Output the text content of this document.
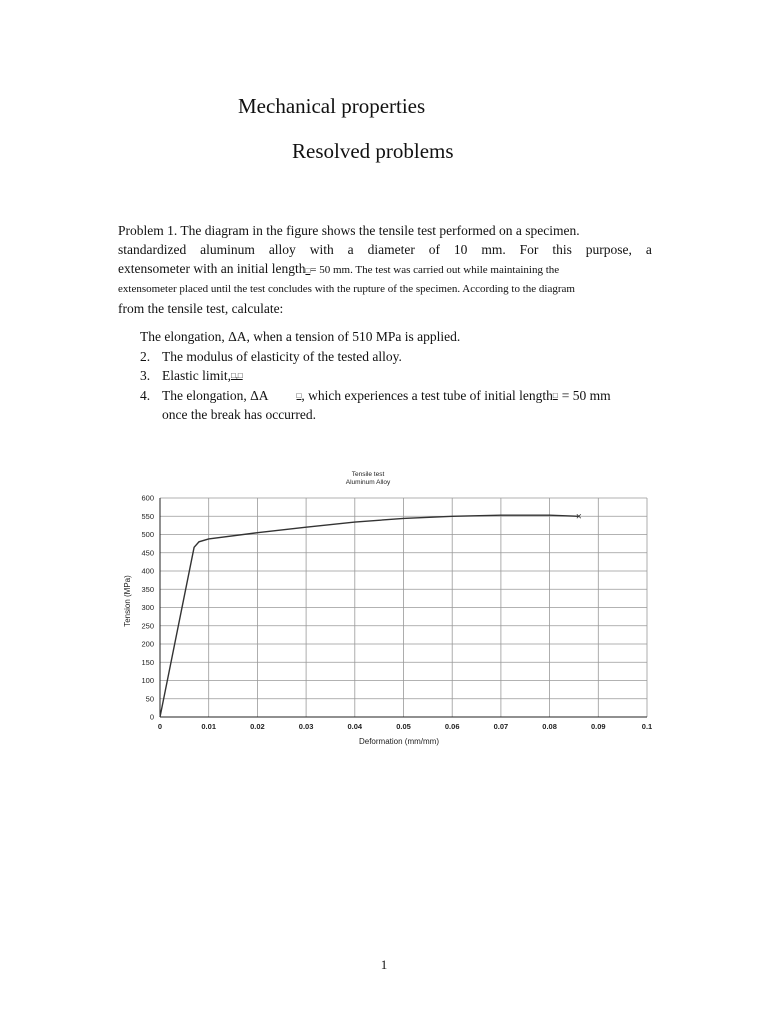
Mechanical properties
Resolved problems
Problem 1. The diagram in the figure shows the tensile test performed on a specimen.
standardized aluminum alloy with a diameter of 10 mm. For this purpose, a
extensometer with an initial length□= 50 mm. The test was carried out while maintaining the
extensometer placed until the test concludes with the rupture of the specimen. According to the diagram
from the tensile test, calculate:
The elongation, ΔA, when a tension of 510 MPa is applied.
2. The modulus of elasticity of the tested alloy.
3. Elastic limit, □,□
4. The elongation, ΔA	□ , which experiences a test tube of initial length □ = 50 mm
once the break has occurred.
0	0.01	0.02	0.03	0.04	0.05	0.06	0.07	0.08	0.09	0.1
0
50
100
150
200
250
300
350
400
450
500
550
600
Tensile test
Aluminum Alloy
Deformation (mm/mm)
Tension (MPa)
1
